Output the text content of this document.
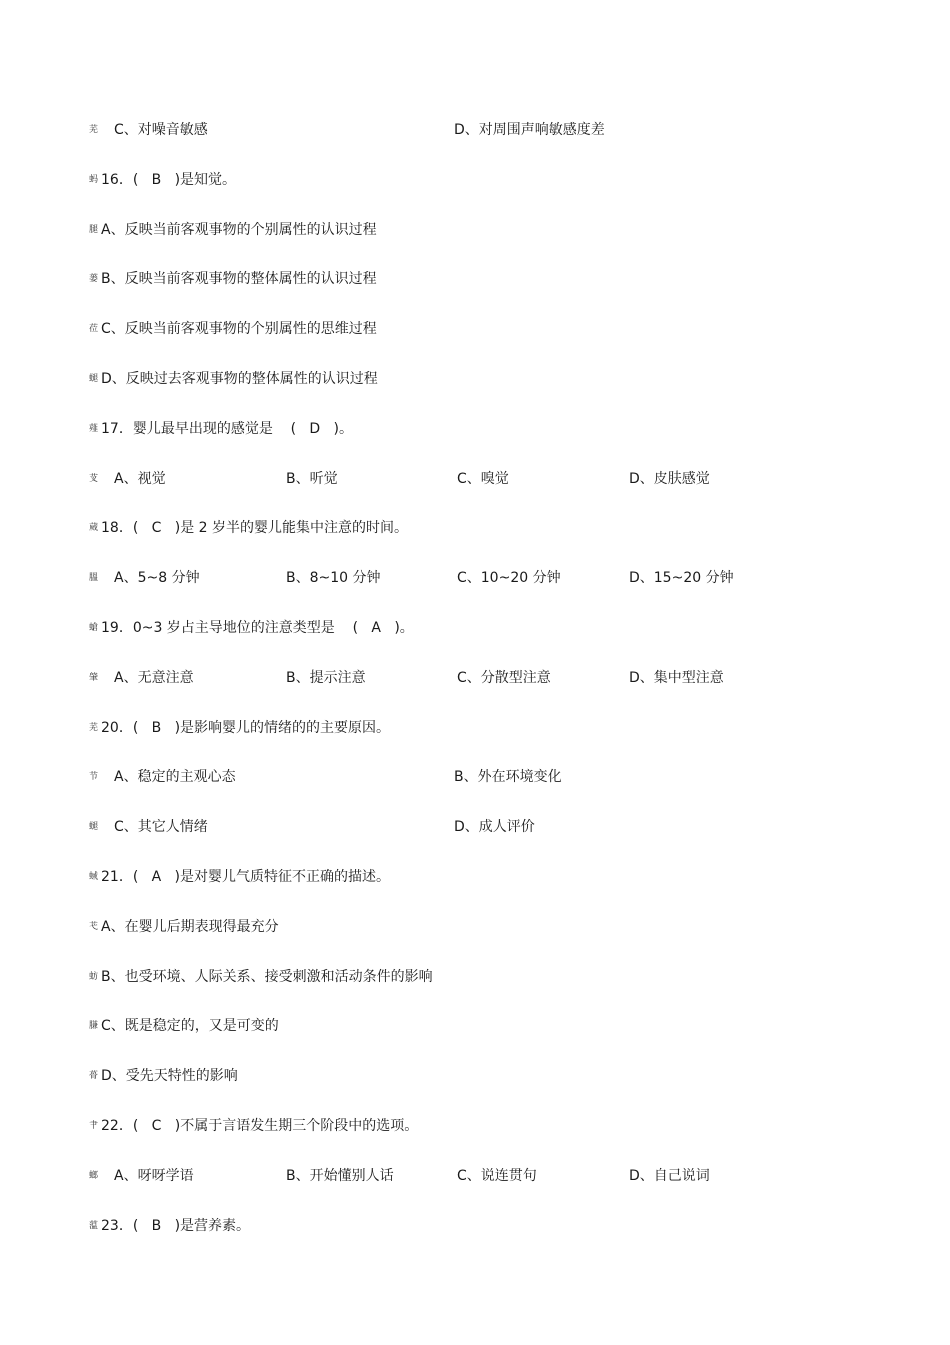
芜 C、对噪音敏感	D、对周围声响敏感度差
蚂 16．(   B   )是知觉。
腿 A、反映当前客观事物的个别属性的认识过程
蒌 B、反映当前客观事物的整体属性的认识过程
莅 C、反映当前客观事物的个别属性的思维过程
螁 D、反映过去客观事物的整体属性的认识过程
薤 17．婴儿最早出现的感觉是    (   D   )。
芆 A、视觉	B、听觉	C、嗅觉	D、皮肤感觉
蒇 18．(   C   )是 2 岁半的婴儿能集中注意的时间。
膃 A、5~8 分钟	B、8~10 分钟	C、10~20 分钟	D、15~20 分钟
螥 19．0~3 岁占主导地位的注意类型是    (   A   )。
肇 A、无意注意	B、提示注意	C、分散型注意	D、集中型注意
芜 20．(   B   )是影响婴儿的情绪的的主要原因。
节 A、稳定的主观心态	B、外在环境变化
螁 C、其它人情绪	D、成人评价
蜮 21．(   A   )是对婴儿气质特征不正确的描述。
芅 A、在婴儿后期表现得最充分
蚄 B、也受环境、人际关系、接受刺激和活动条件的影响
膁 C、既是稳定的，又是可变的
蓇 D、受先天特性的影响
肀 22．(   C   )不属于言语发生期三个阶段中的选项。
螂 A、呀呀学语	B、开始懂别人话	C、说连贯句	D、自己说词
蕰 23．(   B   )是营养素。
